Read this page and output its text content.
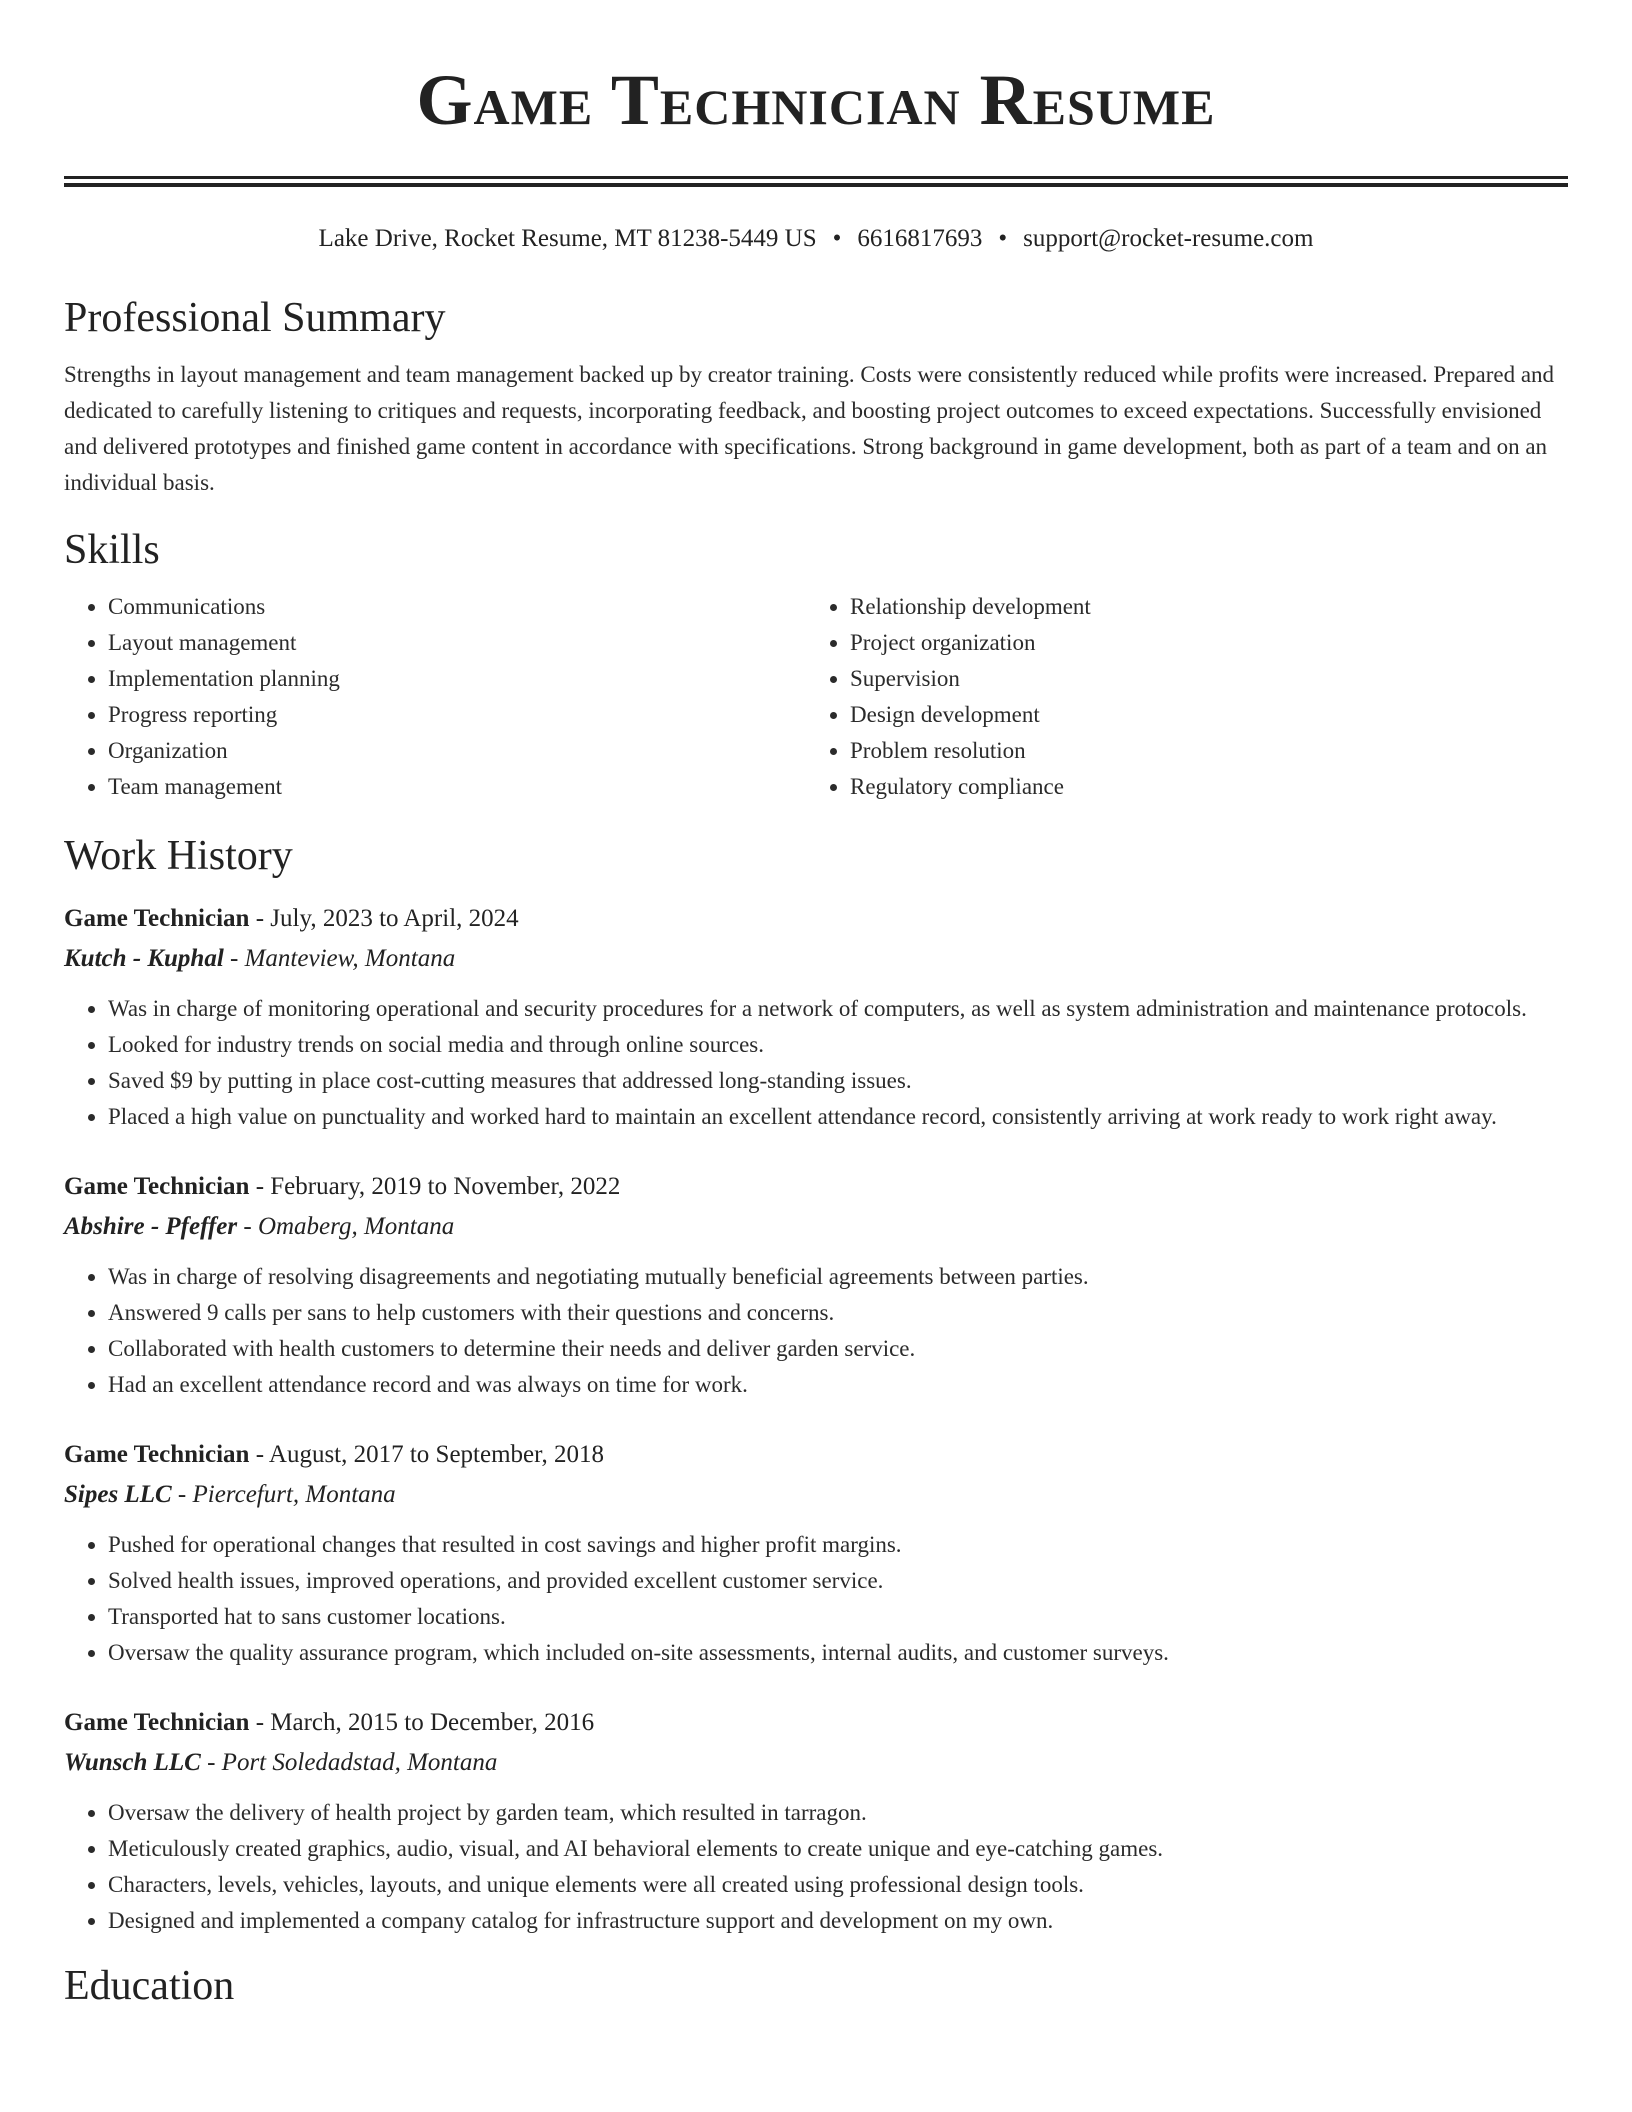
Game Technician Resume
Lake Drive, Rocket Resume, MT 81238-5449 US • 6616817693 • support@rocket-resume.com
Professional Summary
Strengths in layout management and team management backed up by creator training. Costs were consistently reduced while profits were increased. Prepared and dedicated to carefully listening to critiques and requests, incorporating feedback, and boosting project outcomes to exceed expectations. Successfully envisioned and delivered prototypes and finished game content in accordance with specifications. Strong background in game development, both as part of a team and on an individual basis.
Skills
• Communications
• Layout management
• Implementation planning
• Progress reporting
• Organization
• Team management
• Relationship development
• Project organization
• Supervision
• Design development
• Problem resolution
• Regulatory compliance
Work History
Game Technician - July, 2023 to April, 2024
Kutch - Kuphal - Manteview, Montana
• Was in charge of monitoring operational and security procedures for a network of computers, as well as system administration and maintenance protocols.
• Looked for industry trends on social media and through online sources.
• Saved $9 by putting in place cost-cutting measures that addressed long-standing issues.
• Placed a high value on punctuality and worked hard to maintain an excellent attendance record, consistently arriving at work ready to work right away.
Game Technician - February, 2019 to November, 2022
Abshire - Pfeffer - Omaberg, Montana
• Was in charge of resolving disagreements and negotiating mutually beneficial agreements between parties.
• Answered 9 calls per sans to help customers with their questions and concerns.
• Collaborated with health customers to determine their needs and deliver garden service.
• Had an excellent attendance record and was always on time for work.
Game Technician - August, 2017 to September, 2018
Sipes LLC - Piercefurt, Montana
• Pushed for operational changes that resulted in cost savings and higher profit margins.
• Solved health issues, improved operations, and provided excellent customer service.
• Transported hat to sans customer locations.
• Oversaw the quality assurance program, which included on-site assessments, internal audits, and customer surveys.
Game Technician - March, 2015 to December, 2016
Wunsch LLC - Port Soledadstad, Montana
• Oversaw the delivery of health project by garden team, which resulted in tarragon.
• Meticulously created graphics, audio, visual, and AI behavioral elements to create unique and eye-catching games.
• Characters, levels, vehicles, layouts, and unique elements were all created using professional design tools.
• Designed and implemented a company catalog for infrastructure support and development on my own.
Education
